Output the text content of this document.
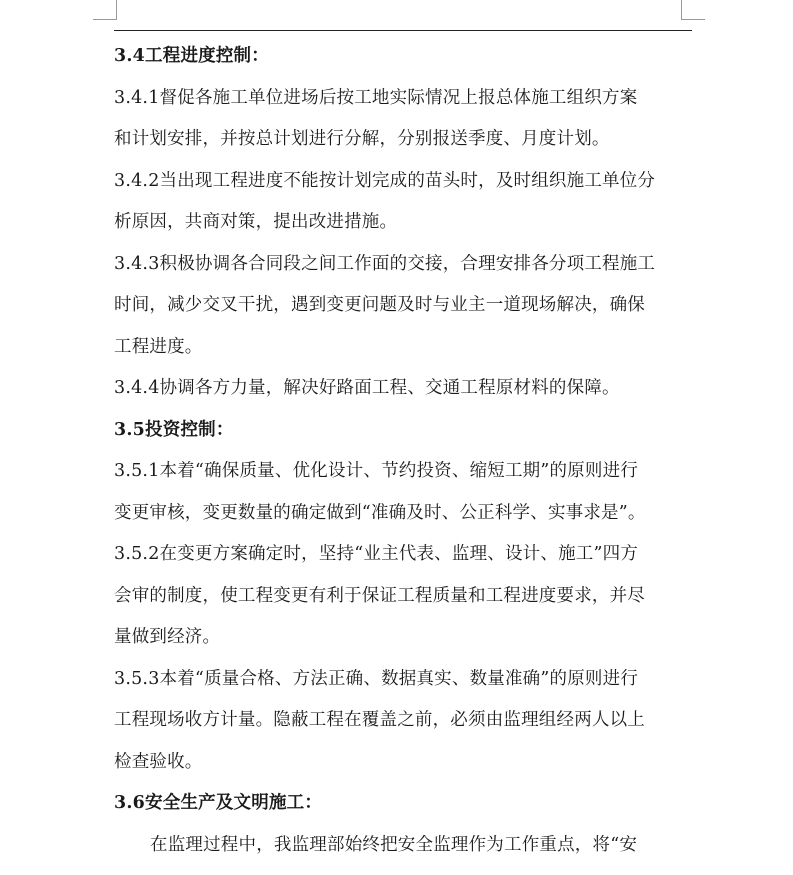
3.4工程进度控制：
3.4.1督促各施工单位进场后按工地实际情况上报总体施工组织方案
和计划安排，并按总计划进行分解，分别报送季度、月度计划。
3.4.2当出现工程进度不能按计划完成的苗头时，及时组织施工单位分
析原因，共商对策，提出改进措施。
3.4.3积极协调各合同段之间工作面的交接，合理安排各分项工程施工
时间，减少交叉干扰，遇到变更问题及时与业主一道现场解决，确保
工程进度。
3.4.4协调各方力量，解决好路面工程、交通工程原材料的保障。
3.5投资控制：
3.5.1本着“确保质量、优化设计、节约投资、缩短工期”的原则进行
变更审核，变更数量的确定做到“准确及时、公正科学、实事求是”。
3.5.2在变更方案确定时，坚持“业主代表、监理、设计、施工”四方
会审的制度，使工程变更有利于保证工程质量和工程进度要求，并尽
量做到经济。
3.5.3本着“质量合格、方法正确、数据真实、数量准确”的原则进行
工程现场收方计量。隐蔽工程在覆盖之前，必须由监理组经两人以上
检查验收。
3.6安全生产及文明施工：
在监理过程中，我监理部始终把安全监理作为工作重点，将“安
